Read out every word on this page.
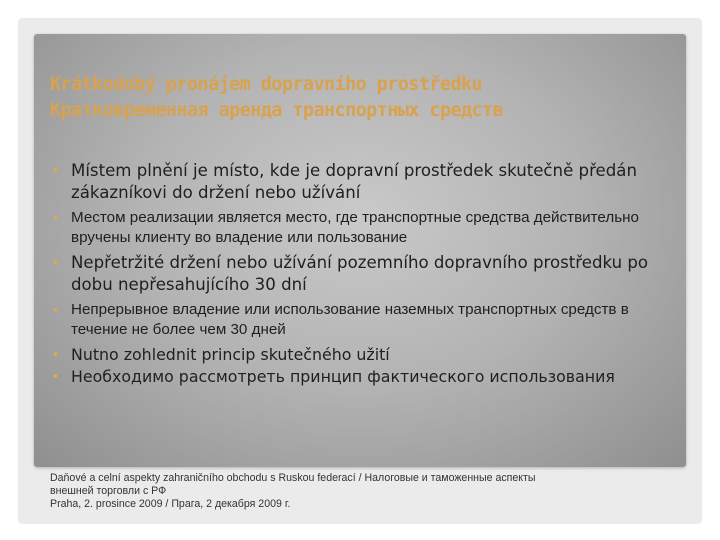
Krátkodobý pronájem dopravního prostředku
Кратковременная аренда транспортных средств
• Místem plnění je místo, kde je dopravní prostředek skutečně předán zákazníkovi do držení nebo užívání
• Местом реализации является место, где транспортные средства действительно вручены клиенту во владение или пользование
• Nepřetržité držení nebo užívání pozemního dopravního prostředku po dobu nepřesahujícího 30 dní
• Непрерывное владение или использование наземных транспортных средств в течение не более чем 30 дней
• Nutno zohlednit princip skutečného užití
• Необходимо рассмотреть принцип фактического использования
Daňové a celní aspekty zahraničního obchodu s Ruskou federací / Налоговые и таможенные аспекты
внешней торговли с РФ
Praha, 2. prosince 2009 / Прага, 2 декабря 2009 г.
